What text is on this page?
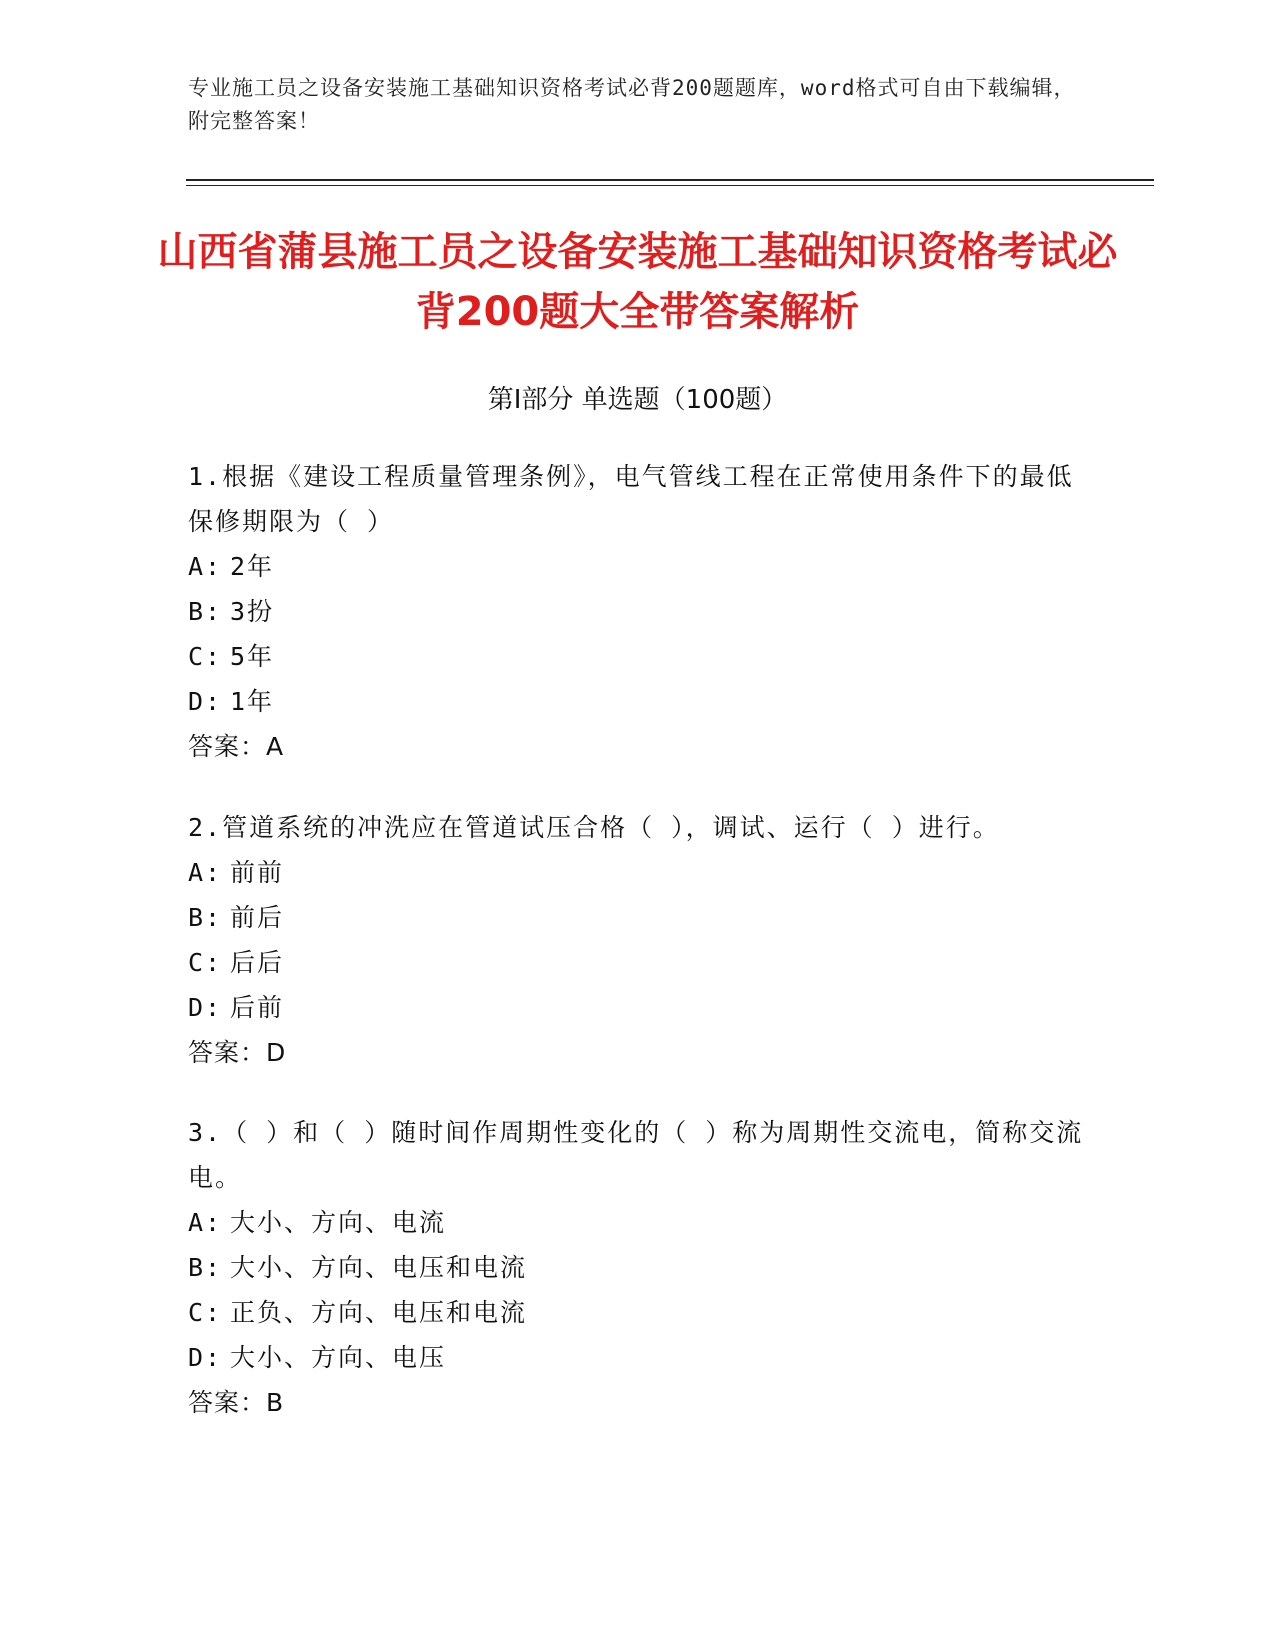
专业施工员之设备安装施工基础知识资格考试必背200题题库，word格式可自由下载编辑，附完整答案！
山西省蒲县施工员之设备安装施工基础知识资格考试必背200题大全带答案解析
第Ⅰ部分 单选题（100题）
1.根据《建设工程质量管理条例》，电气管线工程在正常使用条件下的最低保修期限为（ ）
A: 2年
B: 3扮
C: 5年
D: 1年
答案：A
2.管道系统的冲洗应在管道试压合格（ ），调试、运行（ ）进行。
A: 前前
B: 前后
C: 后后
D: 后前
答案：D
3.（ ）和（ ）随时间作周期性变化的（ ）称为周期性交流电，简称交流电。
A: 大小、方向、电流
B: 大小、方向、电压和电流
C: 正负、方向、电压和电流
D: 大小、方向、电压
答案：B
